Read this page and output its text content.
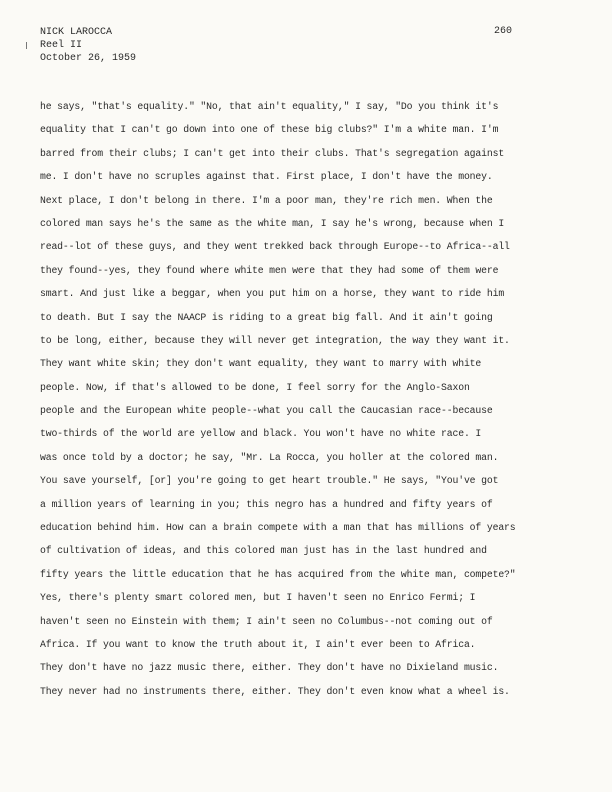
NICK LAROCCA
Reel II
October 26, 1959
260
he says, "that's equality." "No, that ain't equality," I say, "Do you think it's
equality that I can't go down into one of these big clubs?" I'm a white man. I'm
barred from their clubs; I can't get into their clubs. That's segregation against
me. I don't have no scruples against that. First place, I don't have the money.
Next place, I don't belong in there. I'm a poor man, they're rich men. When the
colored man says he's the same as the white man, I say he's wrong, because when I
read--lot of these guys, and they went trekked back through Europe--to Africa--all
they found--yes, they found where white men were that they had some of them were
smart. And just like a beggar, when you put him on a horse, they want to ride him
to death. But I say the NAACP is riding to a great big fall. And it ain't going
to be long, either, because they will never get integration, the way they want it.
They want white skin; they don't want equality, they want to marry with white
people. Now, if that's allowed to be done, I feel sorry for the Anglo-Saxon
people and the European white people--what you call the Caucasian race--because
two-thirds of the world are yellow and black. You won't have no white race. I
was once told by a doctor; he say, "Mr. La Rocca, you holler at the colored man.
You save yourself, [or] you're going to get heart trouble." He says, "You've got
a million years of learning in you; this negro has a hundred and fifty years of
education behind him. How can a brain compete with a man that has millions of years
of cultivation of ideas, and this colored man just has in the last hundred and
fifty years the little education that he has acquired from the white man, compete?"
Yes, there's plenty smart colored men, but I haven't seen no Enrico Fermi; I
haven't seen no Einstein with them; I ain't seen no Columbus--not coming out of
Africa. If you want to know the truth about it, I ain't ever been to Africa.
They don't have no jazz music there, either. They don't have no Dixieland music.
They never had no instruments there, either. They don't even know what a wheel is.
